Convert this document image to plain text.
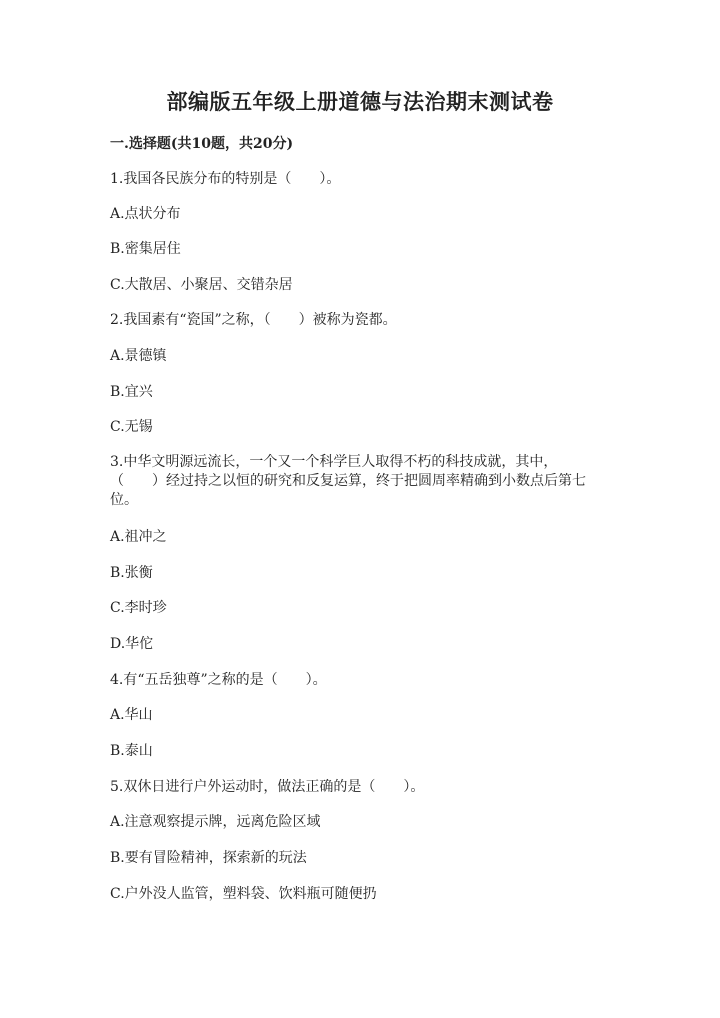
部编版五年级上册道德与法治期末测试卷
一.选择题(共10题，共20分)
1.我国各民族分布的特别是（　　）。
A.点状分布
B.密集居住
C.大散居、小聚居、交错杂居
2.我国素有“瓷国”之称，（　　）被称为瓷都。
A.景德镇
B.宜兴
C.无锡
3.中华文明源远流长，一个又一个科学巨人取得不朽的科技成就，其中，
（　　）经过持之以恒的研究和反复运算，终于把圆周率精确到小数点后第七
位。
A.祖冲之
B.张衡
C.李时珍
D.华佗
4.有“五岳独尊”之称的是（　　）。
A.华山
B.泰山
5.双休日进行户外运动时，做法正确的是（　　）。
A.注意观察提示牌，远离危险区域
B.要有冒险精神，探索新的玩法
C.户外没人监管，塑料袋、饮料瓶可随便扔
